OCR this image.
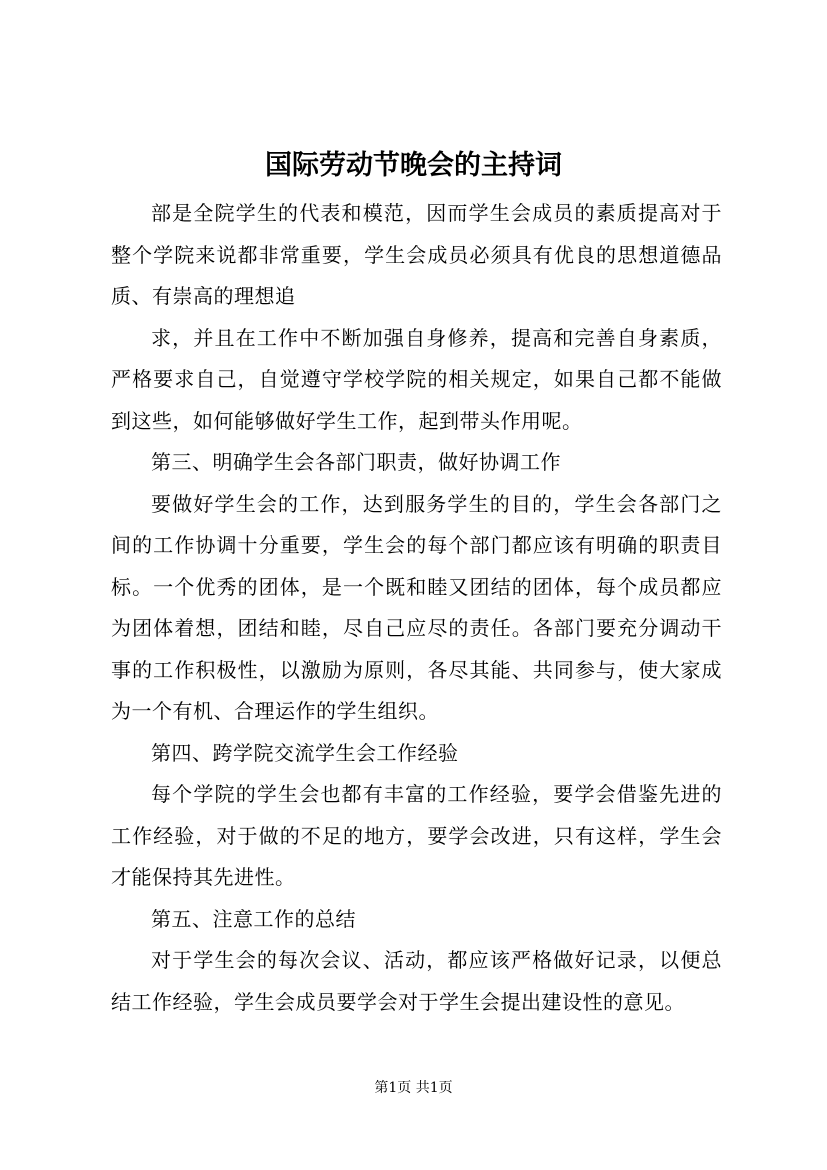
国际劳动节晚会的主持词

部是全院学生的代表和模范，因而学生会成员的素质提高对于整个学院来说都非常重要，学生会成员必须具有优良的思想道德品质、有崇高的理想追

求，并且在工作中不断加强自身修养，提高和完善自身素质，严格要求自己，自觉遵守学校学院的相关规定，如果自己都不能做到这些，如何能够做好学生工作，起到带头作用呢。

第三、明确学生会各部门职责，做好协调工作

要做好学生会的工作，达到服务学生的目的，学生会各部门之间的工作协调十分重要，学生会的每个部门都应该有明确的职责目标。一个优秀的团体，是一个既和睦又团结的团体，每个成员都应为团体着想，团结和睦，尽自己应尽的责任。各部门要充分调动干事的工作积极性，以激励为原则，各尽其能、共同参与，使大家成为一个有机、合理运作的学生组织。

第四、跨学院交流学生会工作经验

每个学院的学生会也都有丰富的工作经验，要学会借鉴先进的工作经验，对于做的不足的地方，要学会改进，只有这样，学生会才能保持其先进性。

第五、注意工作的总结

对于学生会的每次会议、活动，都应该严格做好记录，以便总结工作经验，学生会成员要学会对于学生会提出建设性的意见。

第1页 共1页
